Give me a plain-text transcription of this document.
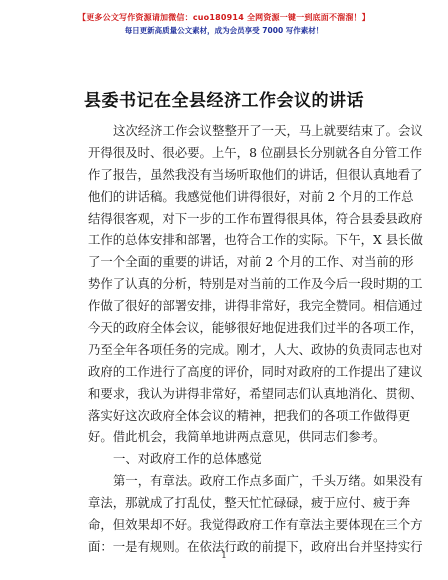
【更多公文写作资源请加微信：cuo180914 全网资源一键一到底面不溜溜！】
每日更新高质量公文素材，成为会员享受 7000 写作素材！
县委书记在全县经济工作会议的讲话
这次经济工作会议整整开了一天，马上就要结束了。会议
开得很及时、很必要。上午，8 位副县长分别就各自分管工作
作了报告，虽然我没有当场听取他们的讲话，但很认真地看了
他们的讲话稿。我感觉他们讲得很好，对前 2 个月的工作总
结得很客观，对下一步的工作布置得很具体，符合县委县政府
工作的总体安排和部署，也符合工作的实际。下午，X 县长做
了一个全面的重要的讲话，对前 2 个月的工作、对当前的形
势作了认真的分析，特别是对当前的工作及今后一段时期的工
作做了很好的部署安排，讲得非常好，我完全赞同。相信通过
今天的政府全体会议，能够很好地促进我们过半的各项工作，
乃至全年各项任务的完成。刚才，人大、政协的负责同志也对
政府的工作进行了高度的评价，同时对政府的工作提出了建议
和要求，我认为讲得非常好，希望同志们认真地消化、贯彻、
落实好这次政府全体会议的精神，把我们的各项工作做得更
好。借此机会，我简单地讲两点意见，供同志们参考。
一、对政府工作的总体感觉
第一，有章法。政府工作点多面广，千头万绪。如果没有
章法，那就成了打乱仗，整天忙忙碌碌，疲于应付、疲于奔
命，但效果却不好。我觉得政府工作有章法主要体现在三个方
面：一是有规则。在依法行政的前提下，政府出台并坚持实行
1
